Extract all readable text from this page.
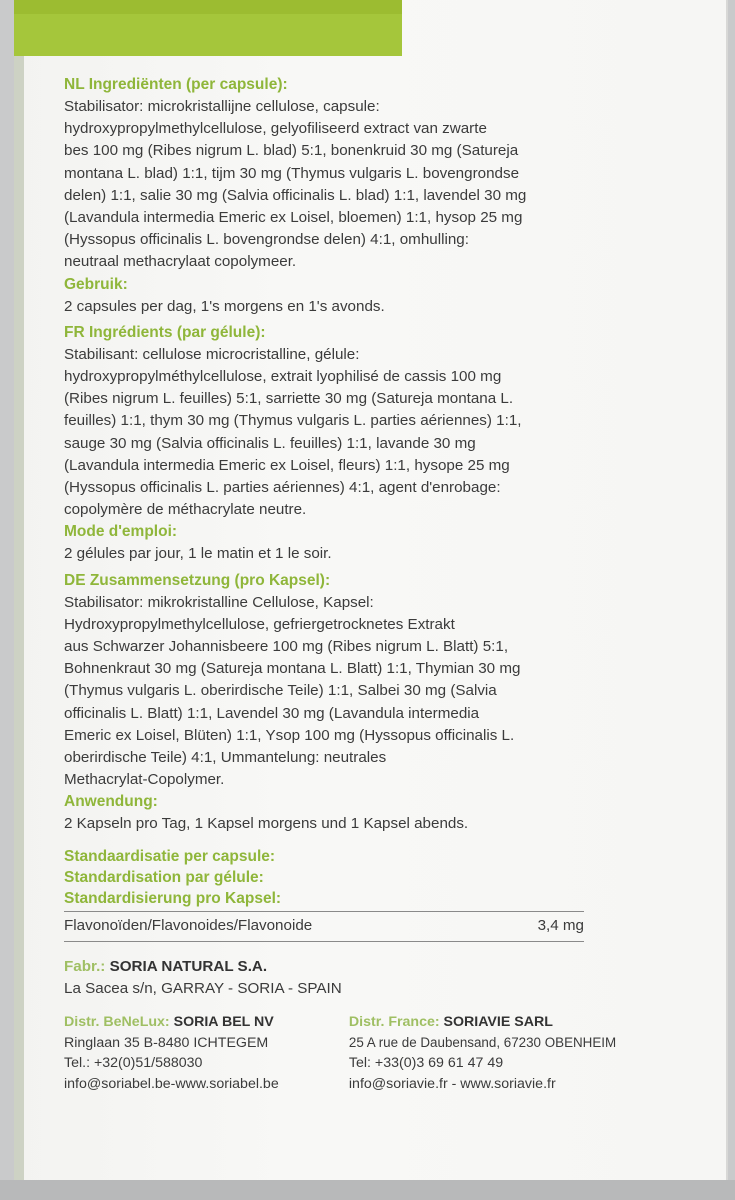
NL Ingrediënten (per capsule):

Stabilisator: microkristallijne cellulose, capsule:

hydroxypropylmethylcellulose, gelyofiliseerd extract van zwarte

bes 100 mg (Ribes nigrum L. blad) 5:1, bonenkruid 30 mg (Satureja

montana L. blad) 1:1, tijm 30 mg (Thymus vulgaris L. bovengrondse

delen) 1:1, salie 30 mg (Salvia officinalis L. blad) 1:1, lavendel 30 mg

(Lavandula intermedia Emeric ex Loisel, bloemen) 1:1, hysop 25 mg

(Hyssopus officinalis L. bovengrondse delen) 4:1, omhulling:

neutraal methacrylaat copolymeer.

Gebruik:

2 capsules per dag, 1's morgens en 1's avonds.

FR Ingrédients (par gélule):

Stabilisant: cellulose microcristalline, gélule:

hydroxypropylméthylcellulose, extrait lyophilisé de cassis 100 mg

(Ribes nigrum L. feuilles) 5:1, sarriette 30 mg (Satureja montana L.

feuilles) 1:1, thym 30 mg (Thymus vulgaris L. parties aériennes) 1:1,

sauge 30 mg (Salvia officinalis L. feuilles) 1:1, lavande 30 mg

(Lavandula intermedia Emeric ex Loisel, fleurs) 1:1, hysope 25 mg

(Hyssopus officinalis L. parties aériennes) 4:1, agent d'enrobage:

copolymère de méthacrylate neutre.

Mode d'emploi:

2 gélules par jour, 1 le matin et 1 le soir.

DE Zusammensetzung (pro Kapsel):

Stabilisator: mikrokristalline Cellulose, Kapsel:

Hydroxypropylmethylcellulose, gefriergetrocknetes Extrakt

aus Schwarzer Johannisbeere 100 mg (Ribes nigrum L. Blatt) 5:1,

Bohnenkraut 30 mg (Satureja montana L. Blatt) 1:1, Thymian 30 mg

(Thymus vulgaris L. oberirdische Teile) 1:1, Salbei 30 mg (Salvia

officinalis L. Blatt) 1:1, Lavendel 30 mg (Lavandula intermedia

Emeric ex Loisel, Blüten) 1:1, Ysop 100 mg (Hyssopus officinalis L.

oberirdische Teile) 4:1, Ummantelung: neutrales

Methacrylat-Copolymer.

Anwendung:

2 Kapseln pro Tag, 1 Kapsel morgens und 1 Kapsel abends.

Standaardisatie per capsule:

Standardisation par gélule:

Standardisierung pro Kapsel:

Flavonoïden/Flavonoides/Flavonoide	3,4 mg

Fabr.: SORIA NATURAL S.A.

La Sacea s/n, GARRAY - SORIA - SPAIN

Distr. BeNeLux: SORIA BEL NV

Ringlaan 35 B-8480 ICHTEGEM

Tel.: +32(0)51/588030

info@soriabel.be-www.soriabel.be

Distr. France: SORIAVIE SARL

25 A rue de Daubensand, 67230 OBENHEIM

Tel: +33(0)3 69 61 47 49

info@soriavie.fr - www.soriavie.fr
